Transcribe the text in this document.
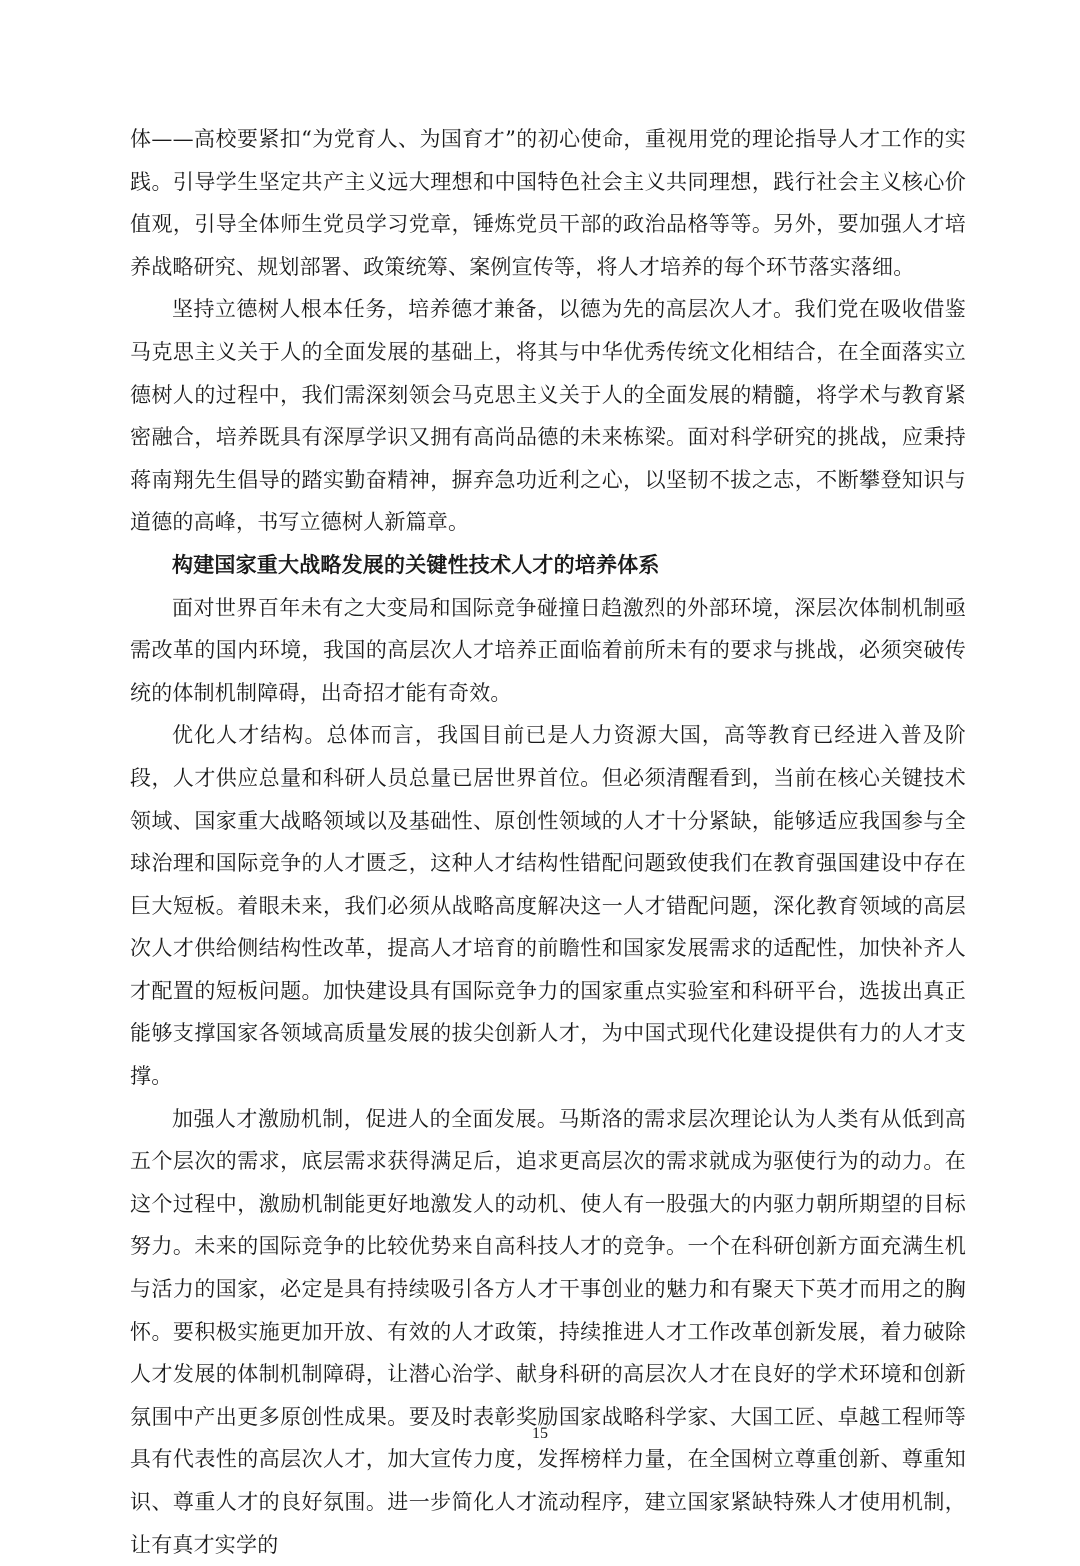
体——高校要紧扣“为党育人、为国育才”的初心使命，重视用党的理论指导人才工作的实践。引导学生坚定共产主义远大理想和中国特色社会主义共同理想，践行社会主义核心价值观，引导全体师生党员学习党章，锤炼党员干部的政治品格等等。另外，要加强人才培养战略研究、规划部署、政策统筹、案例宣传等，将人才培养的每个环节落实落细。

坚持立德树人根本任务，培养德才兼备，以德为先的高层次人才。我们党在吸收借鉴马克思主义关于人的全面发展的基础上，将其与中华优秀传统文化相结合，在全面落实立德树人的过程中，我们需深刻领会马克思主义关于人的全面发展的精髓，将学术与教育紧密融合，培养既具有深厚学识又拥有高尚品德的未来栋梁。面对科学研究的挑战，应秉持蒋南翔先生倡导的踏实勤奋精神，摒弃急功近利之心，以坚韧不拔之志，不断攀登知识与道德的高峰，书写立德树人新篇章。

构建国家重大战略发展的关键性技术人才的培养体系

面对世界百年未有之大变局和国际竞争碰撞日趋激烈的外部环境，深层次体制机制亟需改革的国内环境，我国的高层次人才培养正面临着前所未有的要求与挑战，必须突破传统的体制机制障碍，出奇招才能有奇效。

优化人才结构。总体而言，我国目前已是人力资源大国，高等教育已经进入普及阶段，人才供应总量和科研人员总量已居世界首位。但必须清醒看到，当前在核心关键技术领域、国家重大战略领域以及基础性、原创性领域的人才十分紧缺，能够适应我国参与全球治理和国际竞争的人才匮乏，这种人才结构性错配问题致使我们在教育强国建设中存在巨大短板。着眼未来，我们必须从战略高度解决这一人才错配问题，深化教育领域的高层次人才供给侧结构性改革，提高人才培育的前瞻性和国家发展需求的适配性，加快补齐人才配置的短板问题。加快建设具有国际竞争力的国家重点实验室和科研平台，选拔出真正能够支撑国家各领域高质量发展的拔尖创新人才，为中国式现代化建设提供有力的人才支撑。

加强人才激励机制，促进人的全面发展。马斯洛的需求层次理论认为人类有从低到高五个层次的需求，底层需求获得满足后，追求更高层次的需求就成为驱使行为的动力。在这个过程中，激励机制能更好地激发人的动机、使人有一股强大的内驱力朝所期望的目标努力。未来的国际竞争的比较优势来自高科技人才的竞争。一个在科研创新方面充满生机与活力的国家，必定是具有持续吸引各方人才干事创业的魅力和有聚天下英才而用之的胸怀。要积极实施更加开放、有效的人才政策，持续推进人才工作改革创新发展，着力破除人才发展的体制机制障碍，让潜心治学、献身科研的高层次人才在良好的学术环境和创新氛围中产出更多原创性成果。要及时表彰奖励国家战略科学家、大国工匠、卓越工程师等具有代表性的高层次人才，加大宣传力度，发挥榜样力量，在全国树立尊重创新、尊重知识、尊重人才的良好氛围。进一步简化人才流动程序，建立国家紧缺特殊人才使用机制，让有真才实学的

15
